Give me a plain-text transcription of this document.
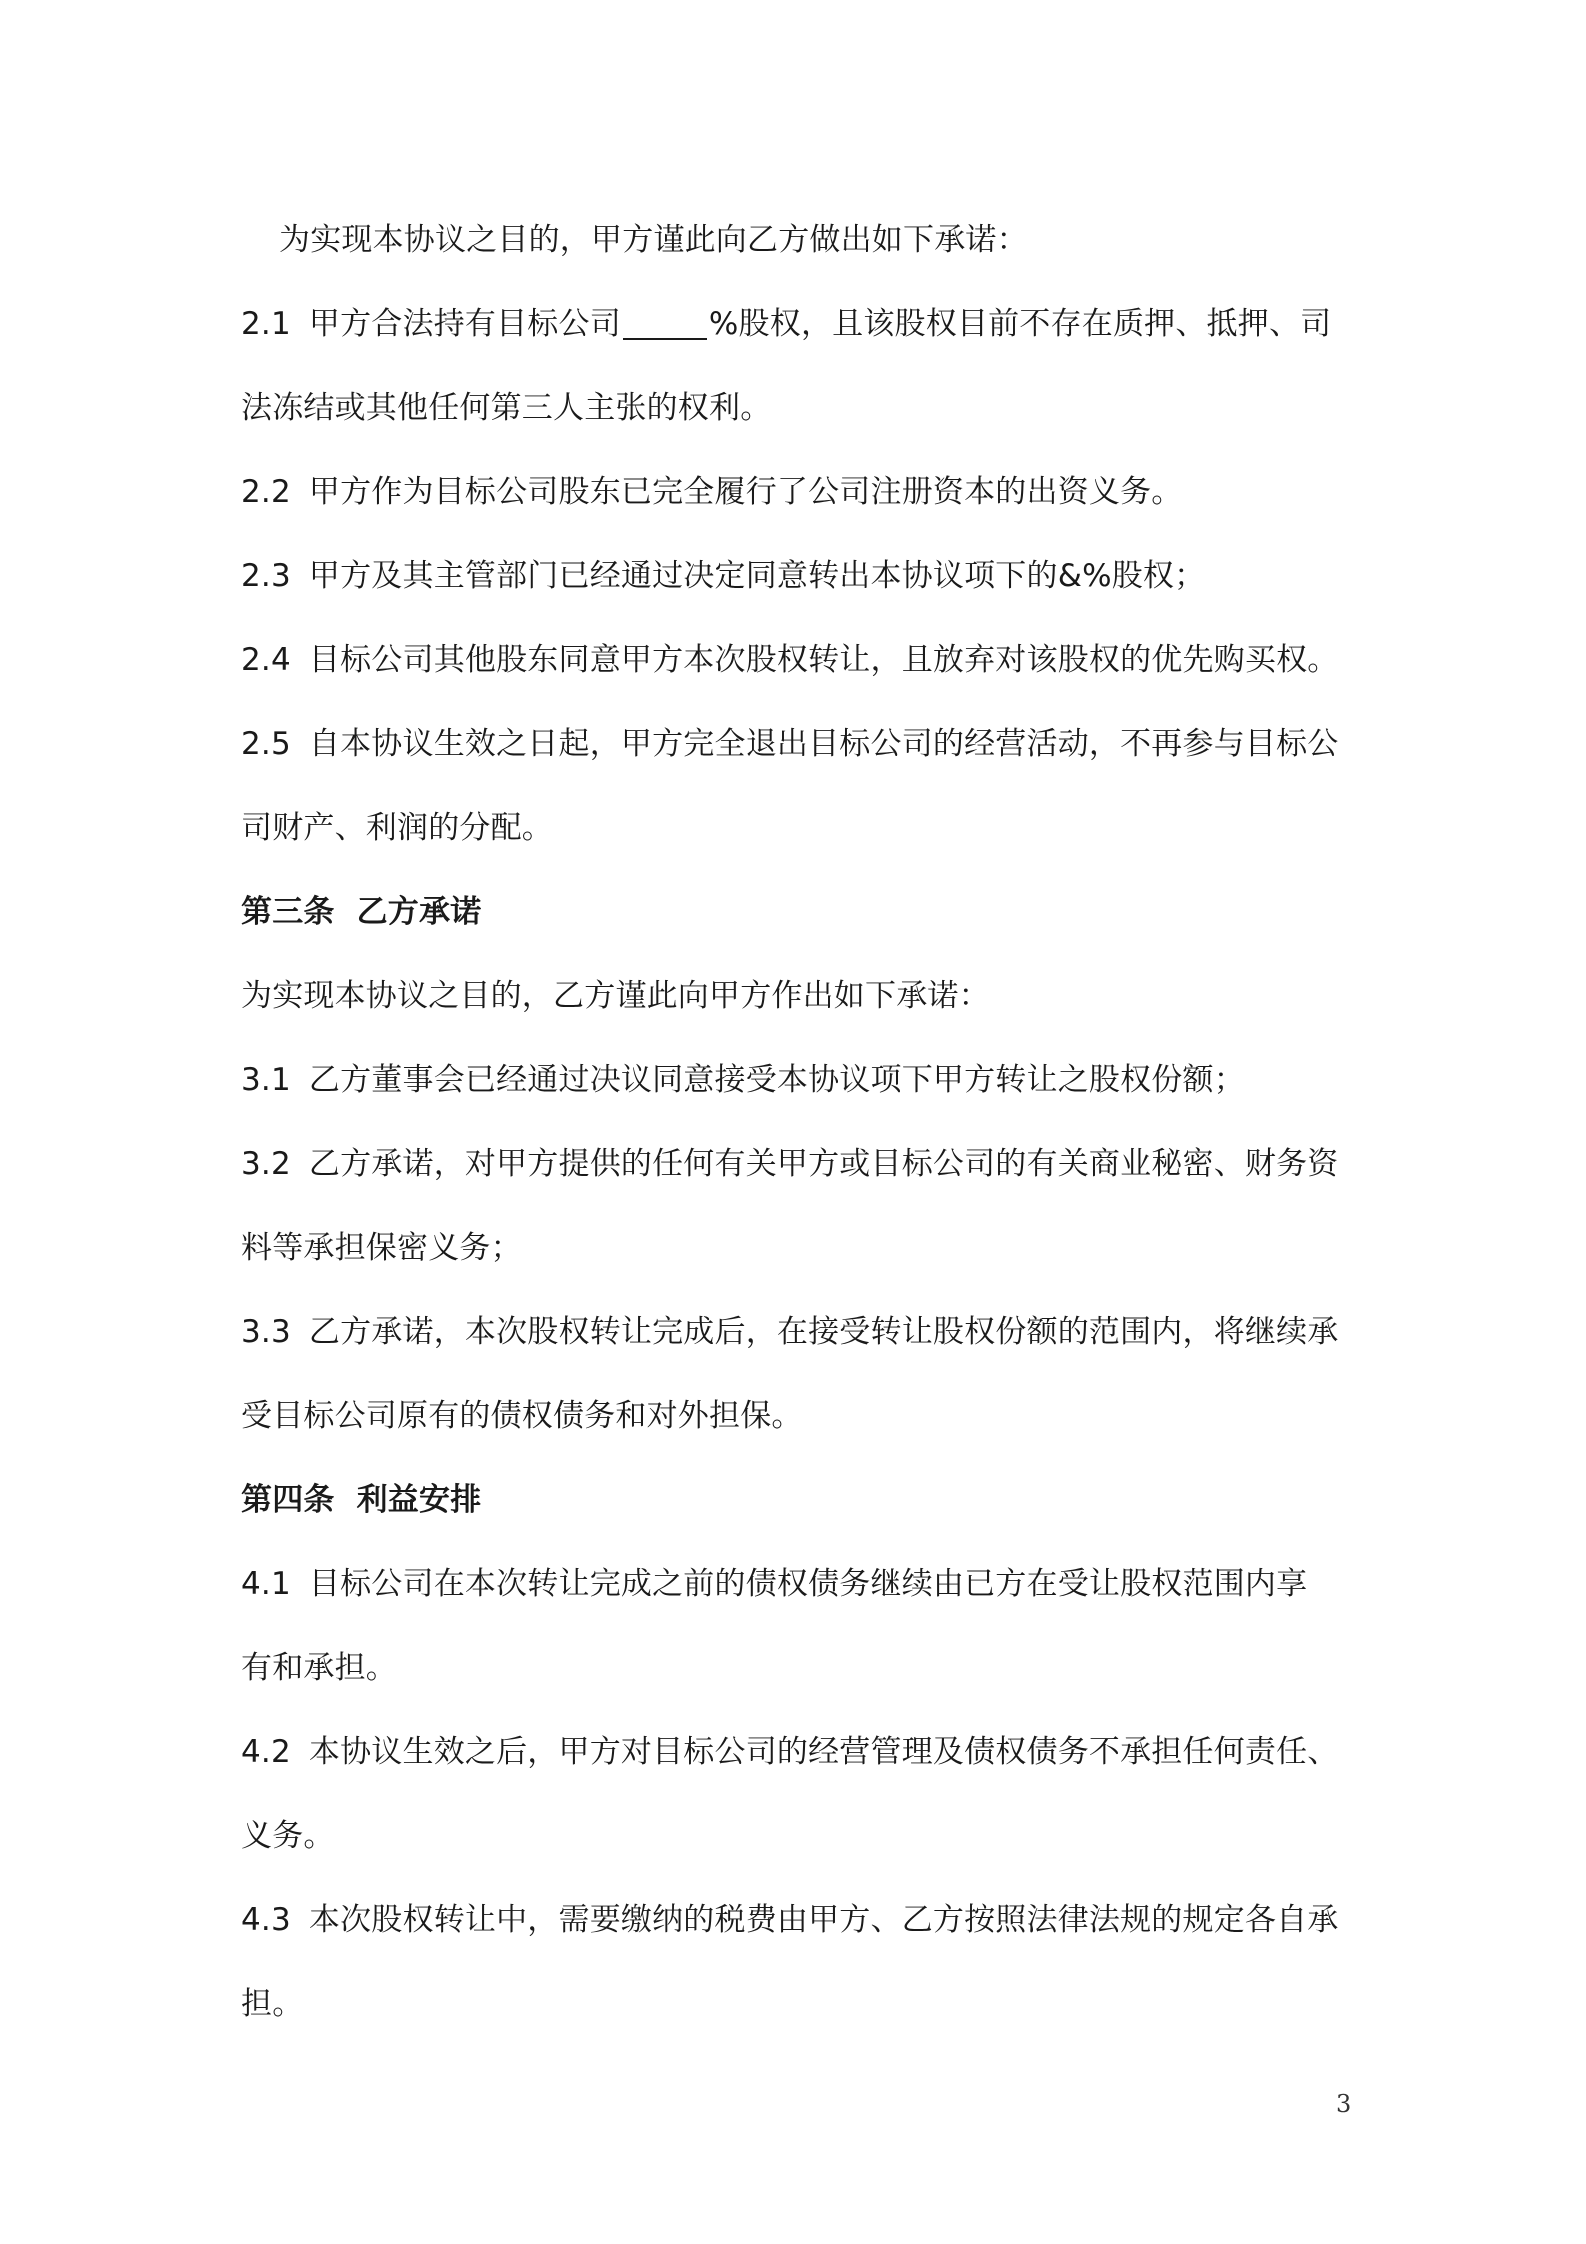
为实现本协议之目的，甲方谨此向乙方做出如下承诺：
2.1 甲方合法持有目标公司	%股权，且该股权目前不存在质押、抵押、司
法冻结或其他任何第三人主张的权利。
2.2 甲方作为目标公司股东已完全履行了公司注册资本的出资义务。
2.3 甲方及其主管部门已经通过决定同意转出本协议项下的&%股权；
2.4 目标公司其他股东同意甲方本次股权转让，且放弃对该股权的优先购买权。
2.5 自本协议生效之日起，甲方完全退出目标公司的经营活动，不再参与目标公
司财产、利润的分配。
第三条 乙方承诺
为实现本协议之目的，乙方谨此向甲方作出如下承诺：
3.1 乙方董事会已经通过决议同意接受本协议项下甲方转让之股权份额；
3.2 乙方承诺，对甲方提供的任何有关甲方或目标公司的有关商业秘密、财务资
料等承担保密义务；
3.3 乙方承诺，本次股权转让完成后，在接受转让股权份额的范围内，将继续承
受目标公司原有的债权债务和对外担保。
第四条 利益安排
4.1 目标公司在本次转让完成之前的债权债务继续由已方在受让股权范围内享
有和承担。
4.2 本协议生效之后，甲方对目标公司的经营管理及债权债务不承担任何责任、
义务。
4.3 本次股权转让中，需要缴纳的税费由甲方、乙方按照法律法规的规定各自承
担。
3
